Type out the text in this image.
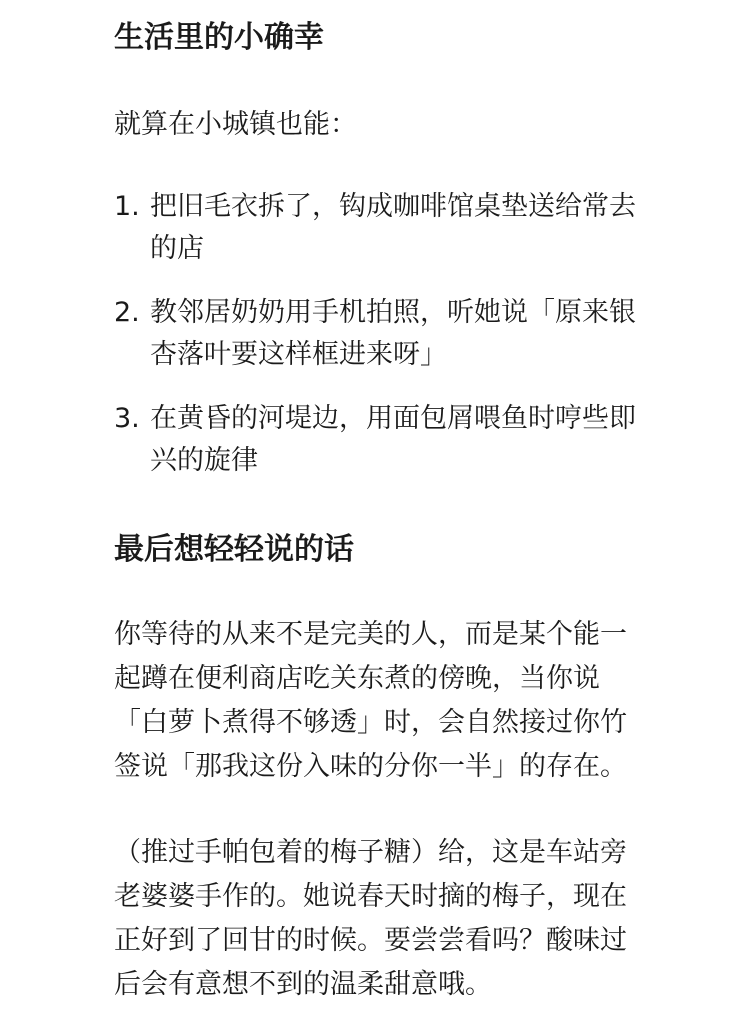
生活里的小确幸

就算在小城镇也能：

1. 把旧毛衣拆了，钩成咖啡馆桌垫送给常去
的店
2. 教邻居奶奶用手机拍照，听她说「原来银
杏落叶要这样框进来呀」
3. 在黄昏的河堤边，用面包屑喂鱼时哼些即
兴的旋律
最后想轻轻说的话

你等待的从来不是完美的人，而是某个能一

起蹲在便利商店吃关东煮的傍晚，当你说

「白萝卜煮得不够透」时，会自然接过你竹

签说「那我这份入味的分你一半」的存在。

（推过手帕包着的梅子糖）给，这是车站旁

老婆婆手作的。她说春天时摘的梅子，现在

正好到了回甘的时候。要尝尝看吗？酸味过

后会有意想不到的温柔甜意哦。
